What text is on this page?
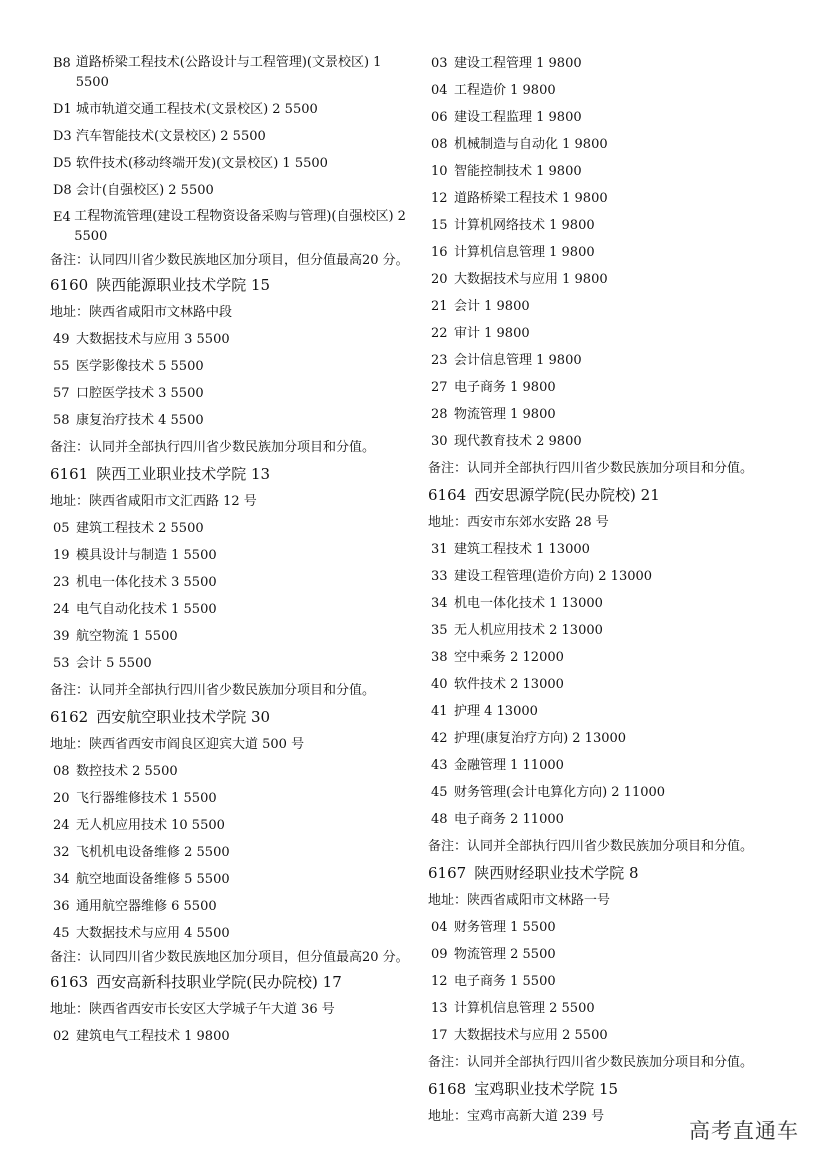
B8 道路桥梁工程技术(公路设计与工程管理)(文景校区) 1 5500
D1 城市轨道交通工程技术(文景校区) 2 5500
D3 汽车智能技术(文景校区) 2 5500
D5 软件技术(移动终端开发)(文景校区) 1 5500
D8 会计(自强校区) 2 5500
E4 工程物流管理(建设工程物资设备采购与管理)(自强校区) 2 5500
备注：认同四川省少数民族地区加分项目，但分值最高20 分。
6160 陕西能源职业技术学院 15
地址：陕西省咸阳市文林路中段
49 大数据技术与应用 3 5500
55 医学影像技术 5 5500
57 口腔医学技术 3 5500
58 康复治疗技术 4 5500
备注：认同并全部执行四川省少数民族加分项目和分值。
6161 陕西工业职业技术学院 13
地址：陕西省咸阳市文汇西路 12 号
05 建筑工程技术 2 5500
19 模具设计与制造 1 5500
23 机电一体化技术 3 5500
24 电气自动化技术 1 5500
39 航空物流 1 5500
53 会计 5 5500
备注：认同并全部执行四川省少数民族加分项目和分值。
6162 西安航空职业技术学院 30
地址：陕西省西安市阎良区迎宾大道 500 号
08 数控技术 2 5500
20 飞行器维修技术 1 5500
24 无人机应用技术 10 5500
32 飞机机电设备维修 2 5500
34 航空地面设备维修 5 5500
36 通用航空器维修 6 5500
45 大数据技术与应用 4 5500
备注：认同四川省少数民族地区加分项目，但分值最高20 分。
6163 西安高新科技职业学院(民办院校) 17
地址：陕西省西安市长安区大学城子午大道 36 号
02 建筑电气工程技术 1 9800
03 建设工程管理 1 9800
04 工程造价 1 9800
06 建设工程监理 1 9800
08 机械制造与自动化 1 9800
10 智能控制技术 1 9800
12 道路桥梁工程技术 1 9800
15 计算机网络技术 1 9800
16 计算机信息管理 1 9800
20 大数据技术与应用 1 9800
21 会计 1 9800
22 审计 1 9800
23 会计信息管理 1 9800
27 电子商务 1 9800
28 物流管理 1 9800
30 现代教育技术 2 9800
备注：认同并全部执行四川省少数民族加分项目和分值。
6164 西安思源学院(民办院校) 21
地址：西安市东郊水安路 28 号
31 建筑工程技术 1 13000
33 建设工程管理(造价方向) 2 13000
34 机电一体化技术 1 13000
35 无人机应用技术 2 13000
38 空中乘务 2 12000
40 软件技术 2 13000
41 护理 4 13000
42 护理(康复治疗方向) 2 13000
43 金融管理 1 11000
45 财务管理(会计电算化方向) 2 11000
48 电子商务 2 11000
备注：认同并全部执行四川省少数民族加分项目和分值。
6167 陕西财经职业技术学院 8
地址：陕西省咸阳市文林路一号
04 财务管理 1 5500
09 物流管理 2 5500
12 电子商务 1 5500
13 计算机信息管理 2 5500
17 大数据技术与应用 2 5500
备注：认同并全部执行四川省少数民族加分项目和分值。
6168 宝鸡职业技术学院 15
地址：宝鸡市高新大道 239 号
高考直通车
